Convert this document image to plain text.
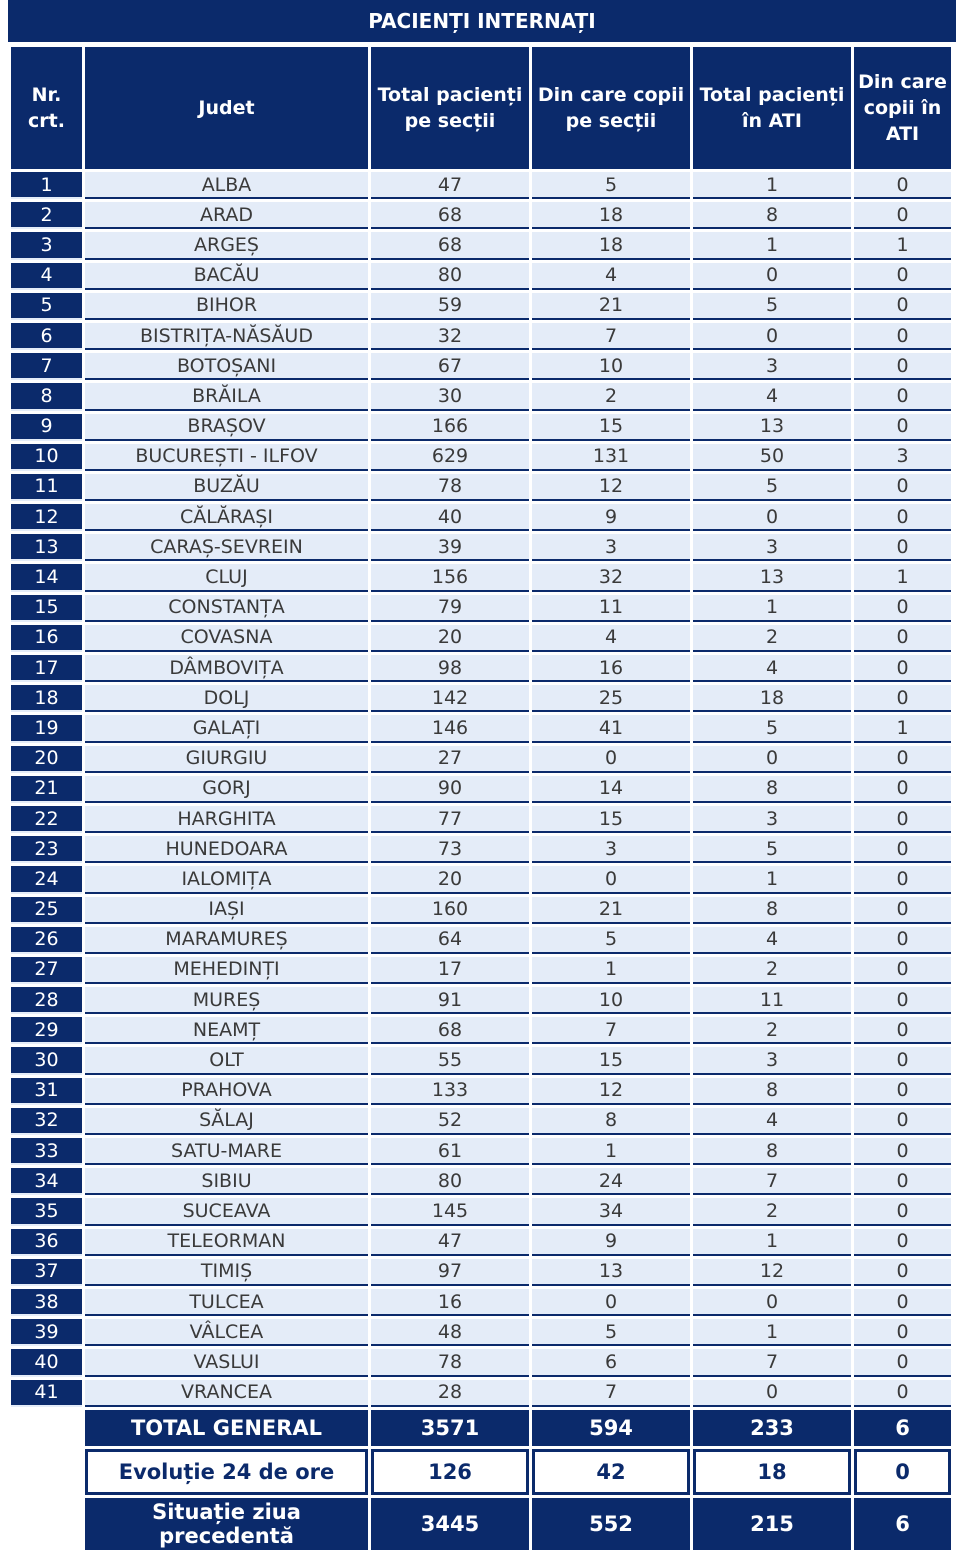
PACIENȚI INTERNAȚI
Nr. crt.	Judet	Total pacienți pe secții	Din care copii pe secții	Total pacienți în ATI	Din care copii în ATI
1	ALBA	47	5	1	0
2	ARAD	68	18	8	0
3	ARGEȘ	68	18	1	1
4	BACĂU	80	4	0	0
5	BIHOR	59	21	5	0
6	BISTRIȚA-NĂSĂUD	32	7	0	0
7	BOTOȘANI	67	10	3	0
8	BRĂILA	30	2	4	0
9	BRAȘOV	166	15	13	0
10	BUCUREȘTI - ILFOV	629	131	50	3
11	BUZĂU	78	12	5	0
12	CĂLĂRAȘI	40	9	0	0
13	CARAȘ-SEVREIN	39	3	3	0
14	CLUJ	156	32	13	1
15	CONSTANȚA	79	11	1	0
16	COVASNA	20	4	2	0
17	DÂMBOVIȚA	98	16	4	0
18	DOLJ	142	25	18	0
19	GALAȚI	146	41	5	1
20	GIURGIU	27	0	0	0
21	GORJ	90	14	8	0
22	HARGHITA	77	15	3	0
23	HUNEDOARA	73	3	5	0
24	IALOMIȚA	20	0	1	0
25	IAȘI	160	21	8	0
26	MARAMUREȘ	64	5	4	0
27	MEHEDINȚI	17	1	2	0
28	MUREȘ	91	10	11	0
29	NEAMȚ	68	7	2	0
30	OLT	55	15	3	0
31	PRAHOVA	133	12	8	0
32	SĂLAJ	52	8	4	0
33	SATU-MARE	61	1	8	0
34	SIBIU	80	24	7	0
35	SUCEAVA	145	34	2	0
36	TELEORMAN	47	9	1	0
37	TIMIȘ	97	13	12	0
38	TULCEA	16	0	0	0
39	VÂLCEA	48	5	1	0
40	VASLUI	78	6	7	0
41	VRANCEA	28	7	0	0
	TOTAL GENERAL	3571	594	233	6
	Evoluție 24 de ore	126	42	18	0
	Situație ziua precedentă	3445	552	215	6
